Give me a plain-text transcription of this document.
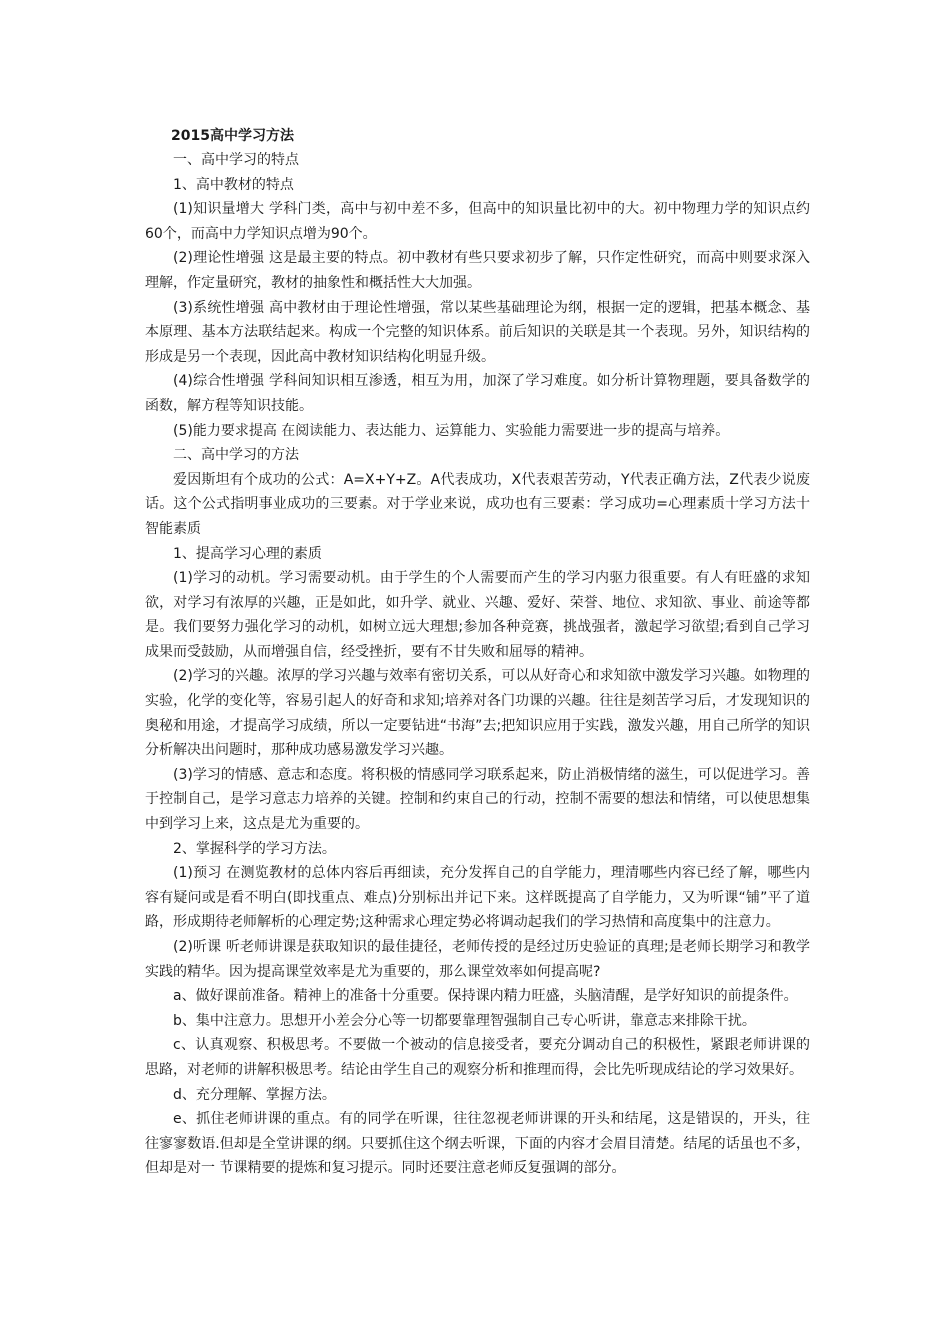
2015高中学习方法
一、高中学习的特点
1、高中教材的特点
(1)知识量增大 学科门类，高中与初中差不多，但高中的知识量比初中的大。初中物理力学的知识点约60个，而高中力学知识点增为90个。
(2)理论性增强 这是最主要的特点。初中教材有些只要求初步了解，只作定性研究，而高中则要求深入理解，作定量研究，教材的抽象性和概括性大大加强。
(3)系统性增强 高中教材由于理论性增强，常以某些基础理论为纲，根据一定的逻辑，把基本概念、基本原理、基本方法联结起来。构成一个完整的知识体系。前后知识的关联是其一个表现。另外，知识结构的形成是另一个表现，因此高中教材知识结构化明显升级。
(4)综合性增强 学科间知识相互渗透，相互为用，加深了学习难度。如分析计算物理题，要具备数学的函数，解方程等知识技能。
(5)能力要求提高 在阅读能力、表达能力、运算能力、实验能力需要进一步的提高与培养。
二、高中学习的方法
爱因斯坦有个成功的公式：A=X+Y+Z。A代表成功，X代表艰苦劳动，Y代表正确方法，Z代表少说废话。这个公式指明事业成功的三要素。对于学业来说，成功也有三要素：学习成功=心理素质十学习方法十智能素质
1、提高学习心理的素质
(1)学习的动机。学习需要动机。由于学生的个人需要而产生的学习内驱力很重要。有人有旺盛的求知欲，对学习有浓厚的兴趣，正是如此，如升学、就业、兴趣、爱好、荣誉、地位、求知欲、事业、前途等都是。我们要努力强化学习的动机，如树立远大理想;参加各种竞赛，挑战强者，激起学习欲望;看到自己学习成果而受鼓励，从而增强自信，经受挫折，要有不甘失败和屈辱的精神。
(2)学习的兴趣。浓厚的学习兴趣与效率有密切关系，可以从好奇心和求知欲中激发学习兴趣。如物理的实验，化学的变化等，容易引起人的好奇和求知;培养对各门功课的兴趣。往往是刻苦学习后，才发现知识的奥秘和用途，才提高学习成绩，所以一定要钻进“书海”去;把知识应用于实践，激发兴趣，用自己所学的知识分析解决出问题时，那种成功感易激发学习兴趣。
(3)学习的情感、意志和态度。将积极的情感同学习联系起来，防止消极情绪的滋生，可以促进学习。善于控制自己，是学习意志力培养的关键。控制和约束自己的行动，控制不需要的想法和情绪，可以使思想集中到学习上来，这点是尤为重要的。
2、掌握科学的学习方法。
(1)预习 在测览教材的总体内容后再细读，充分发挥自己的自学能力，理清哪些内容已经了解，哪些内容有疑问或是看不明白(即找重点、难点)分别标出并记下来。这样既提高了自学能力，又为听课“铺”平了道路，形成期待老师解析的心理定势;这种需求心理定势必将调动起我们的学习热情和高度集中的注意力。
(2)听课 听老师讲课是获取知识的最佳捷径，老师传授的是经过历史验证的真理;是老师长期学习和教学实践的精华。因为提高课堂效率是尤为重要的，那么课堂效率如何提高呢?
a、做好课前准备。精神上的准备十分重要。保持课内精力旺盛，头脑清醒，是学好知识的前提条件。
b、集中注意力。思想开小差会分心等一切都要靠理智强制自己专心听讲，靠意志来排除干扰。
c、认真观察、积极思考。不要做一个被动的信息接受者，要充分调动自己的积极性，紧跟老师讲课的思路，对老师的讲解积极思考。结论由学生自己的观察分析和推理而得，会比先听现成结论的学习效果好。
d、充分理解、掌握方法。
e、抓住老师讲课的重点。有的同学在听课，往往忽视老师讲课的开头和结尾，这是错误的，开头，往往寥寥数语.但却是全堂讲课的纲。只要抓住这个纲去听课，下面的内容才会眉目清楚。结尾的话虽也不多，但却是对一 节课精要的提炼和复习提示。同时还要注意老师反复强调的部分。
